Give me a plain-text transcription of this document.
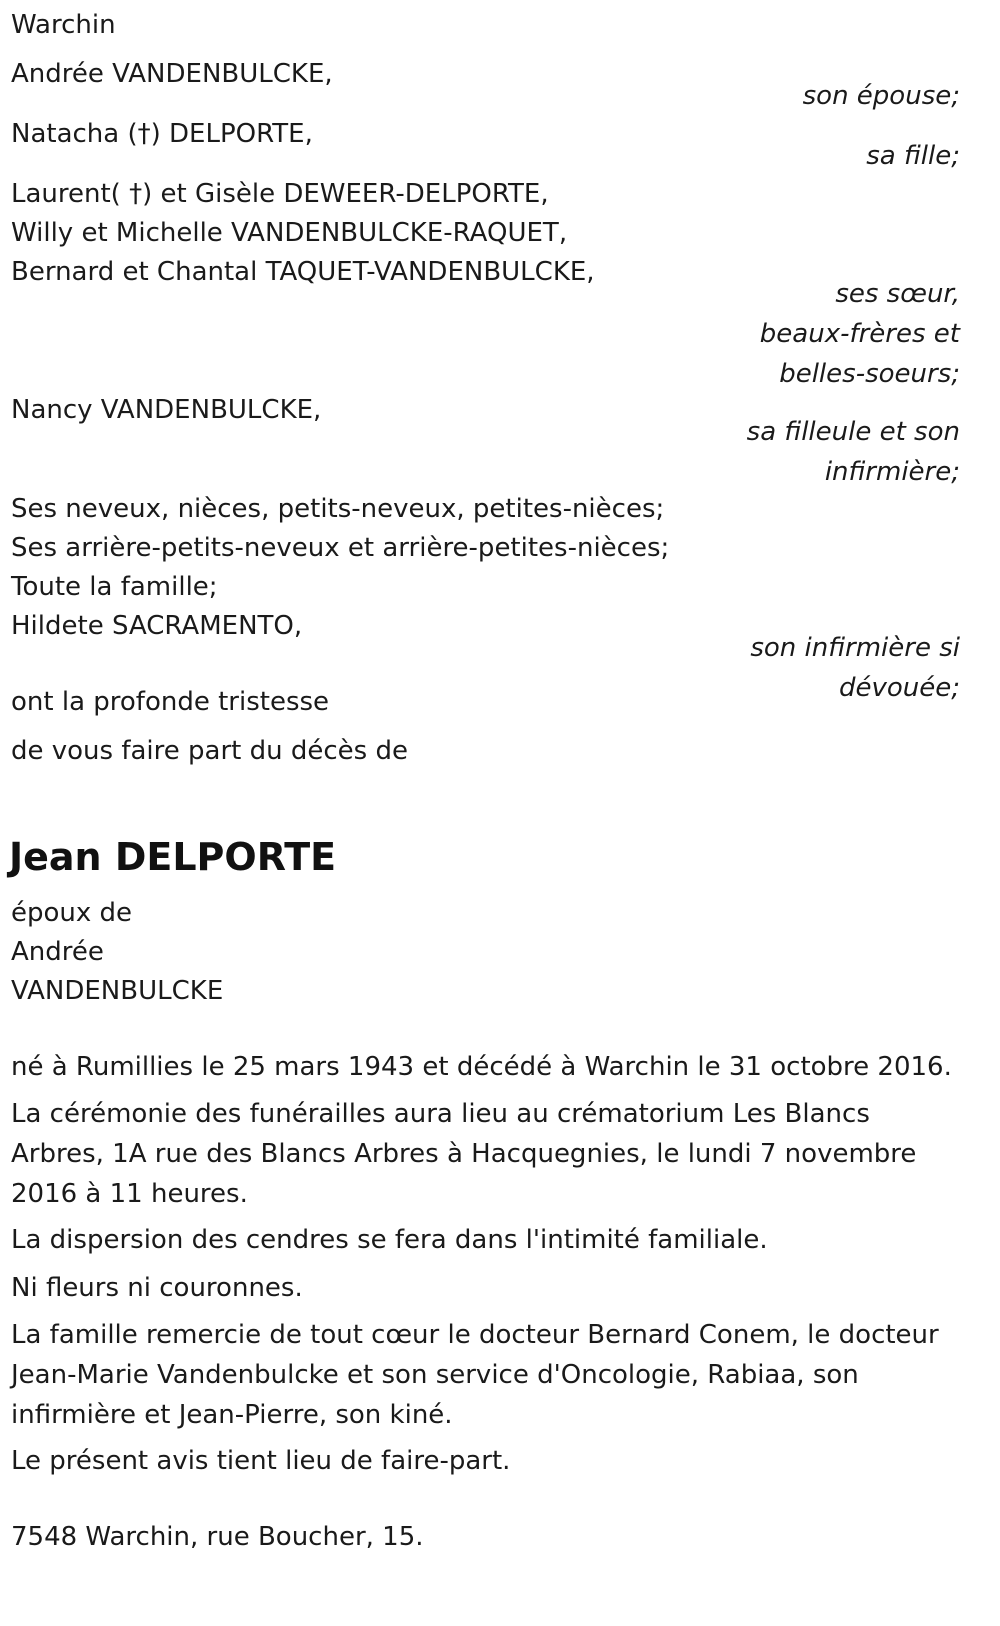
Warchin

Andrée VANDENBULCKE,

son épouse;

Natacha (†) DELPORTE,

sa fille;

Laurent( †) et Gisèle DEWEER-DELPORTE,

Willy et Michelle VANDENBULCKE-RAQUET,

Bernard et Chantal TAQUET-VANDENBULCKE,

ses sœur, beaux-frères et belles-soeurs;

Nancy VANDENBULCKE,

sa filleule et son infirmière;

Ses neveux, nièces, petits-neveux, petites-nièces;

Ses arrière-petits-neveux et arrière-petites-nièces;

Toute la famille;

Hildete SACRAMENTO,

son infirmière si dévouée;

ont la profonde tristesse

de vous faire part du décès de

Jean DELPORTE

époux de

Andrée

VANDENBULCKE

né à Rumillies le 25 mars 1943 et décédé à Warchin le 31 octobre 2016.

La cérémonie des funérailles aura lieu au crématorium Les Blancs Arbres, 1A rue des Blancs Arbres à Hacquegnies, le lundi 7 novembre 2016 à 11 heures.

La dispersion des cendres se fera dans l'intimité familiale.

Ni fleurs ni couronnes.

La famille remercie de tout cœur le docteur Bernard Conem, le docteur Jean-Marie Vandenbulcke et son service d'Oncologie, Rabiaa, son infirmière et Jean-Pierre, son kiné.

Le présent avis tient lieu de faire-part.

7548 Warchin, rue Boucher, 15.
